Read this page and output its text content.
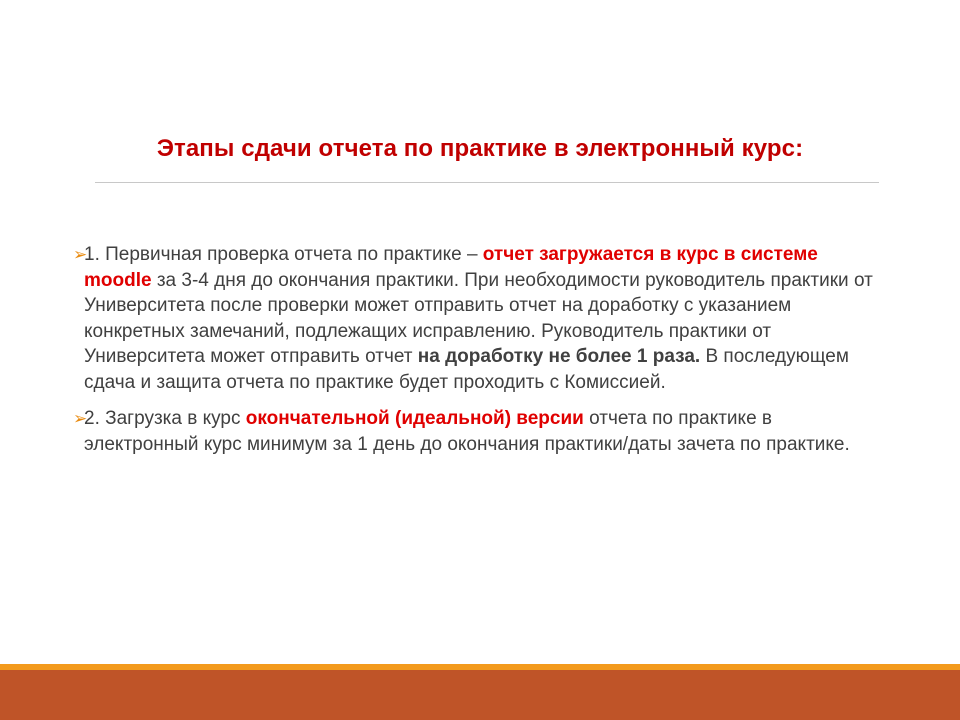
Этапы сдачи отчета по практике в электронный курс:
➢
1. Первичная проверка отчета по практике – отчет загружается в курс в системе moodle за 3-4 дня до окончания практики. При необходимости руководитель практики от Университета после проверки может отправить отчет на доработку с указанием конкретных замечаний, подлежащих исправлению. Руководитель практики от Университета может отправить отчет на доработку не более 1 раза. В последующем сдача и защита отчета по практике будет проходить с Комиссией.
➢
2. Загрузка в курс окончательной (идеальной) версии отчета по практике в электронный курс минимум за 1 день до окончания практики/даты зачета по практике.
